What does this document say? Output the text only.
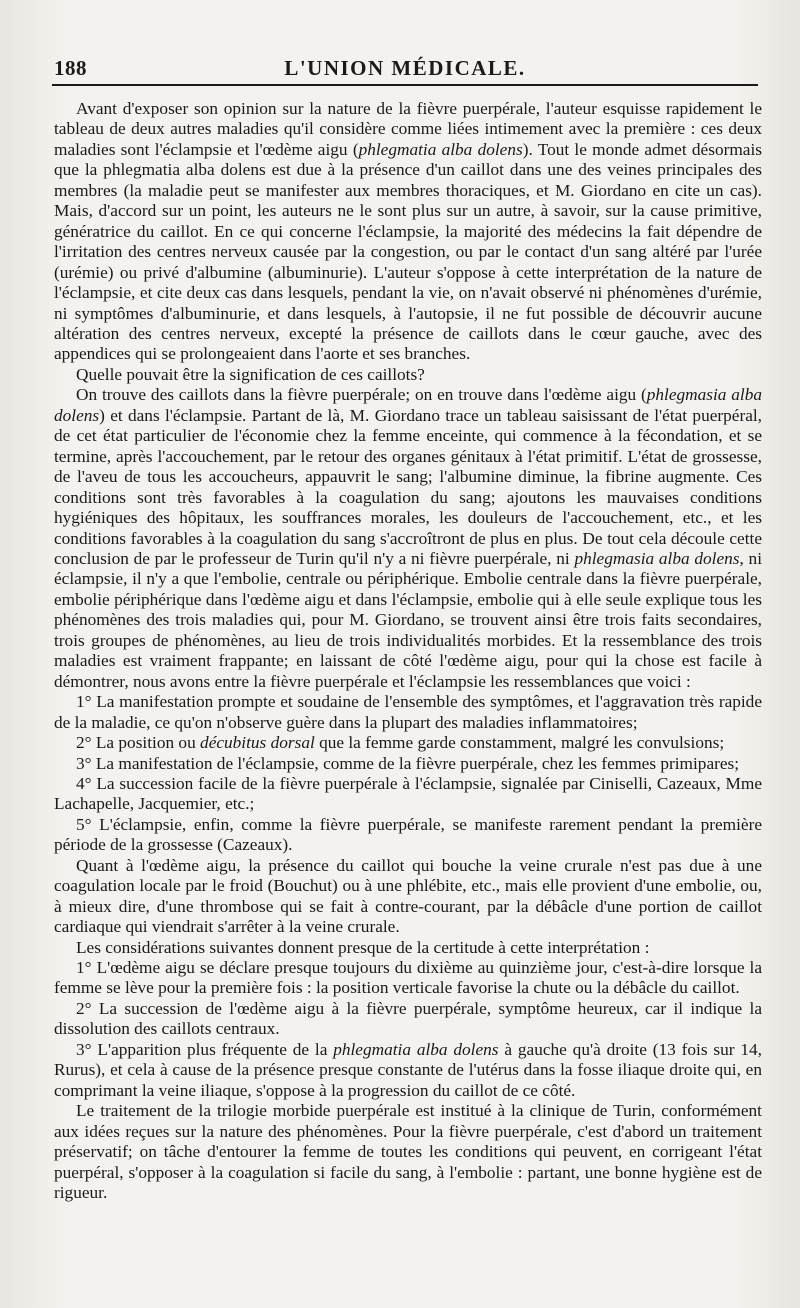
188	L'UNION MÉDICALE.

Avant d'exposer son opinion sur la nature de la fièvre puerpérale, l'auteur esquisse rapidement le tableau de deux autres maladies qu'il considère comme liées intimement avec la première : ces deux maladies sont l'éclampsie et l'œdème aigu (phlegmatia alba dolens). Tout le monde admet désormais que la phlegmatia alba dolens est due à la présence d'un caillot dans une des veines principales des membres (la maladie peut se manifester aux membres thoraciques, et M. Giordano en cite un cas). Mais, d'accord sur un point, les auteurs ne le sont plus sur un autre, à savoir, sur la cause primitive, génératrice du caillot. En ce qui concerne l'éclampsie, la majorité des médecins la fait dépendre de l'irritation des centres nerveux causée par la congestion, ou par le contact d'un sang altéré par l'urée (urémie) ou privé d'albumine (albuminurie). L'auteur s'oppose à cette interprétation de la nature de l'éclampsie, et cite deux cas dans lesquels, pendant la vie, on n'avait observé ni phénomènes d'urémie, ni symptômes d'albuminurie, et dans lesquels, à l'autopsie, il ne fut possible de découvrir aucune altération des centres nerveux, excepté la présence de caillots dans le cœur gauche, avec des appendices qui se prolongeaient dans l'aorte et ses branches.

Quelle pouvait être la signification de ces caillots?

On trouve des caillots dans la fièvre puerpérale; on en trouve dans l'œdème aigu (phlegmasia alba dolens) et dans l'éclampsie. Partant de là, M. Giordano trace un tableau saisissant de l'état puerpéral, de cet état particulier de l'économie chez la femme enceinte, qui commence à la fécondation, et se termine, après l'accouchement, par le retour des organes génitaux à l'état primitif. L'état de grossesse, de l'aveu de tous les accoucheurs, appauvrit le sang; l'albumine diminue, la fibrine augmente. Ces conditions sont très favorables à la coagulation du sang; ajoutons les mauvaises conditions hygiéniques des hôpitaux, les souffrances morales, les douleurs de l'accouchement, etc., et les conditions favorables à la coagulation du sang s'accroîtront de plus en plus. De tout cela découle cette conclusion de par le professeur de Turin qu'il n'y a ni fièvre puerpérale, ni phlegmasia alba dolens, ni éclampsie, il n'y a que l'embolie, centrale ou périphérique. Embolie centrale dans la fièvre puerpérale, embolie périphérique dans l'œdème aigu et dans l'éclampsie, embolie qui à elle seule explique tous les phénomènes des trois maladies qui, pour M. Giordano, se trouvent ainsi être trois faits secondaires, trois groupes de phénomènes, au lieu de trois individualités morbides. Et la ressemblance des trois maladies est vraiment frappante; en laissant de côté l'œdème aigu, pour qui la chose est facile à démontrer, nous avons entre la fièvre puerpérale et l'éclampsie les ressemblances que voici :

1° La manifestation prompte et soudaine de l'ensemble des symptômes, et l'aggravation très rapide de la maladie, ce qu'on n'observe guère dans la plupart des maladies inflammatoires;

2° La position ou décubitus dorsal que la femme garde constamment, malgré les convulsions;

3° La manifestation de l'éclampsie, comme de la fièvre puerpérale, chez les femmes primipares;

4° La succession facile de la fièvre puerpérale à l'éclampsie, signalée par Ciniselli, Cazeaux, Mme Lachapelle, Jacquemier, etc.;

5° L'éclampsie, enfin, comme la fièvre puerpérale, se manifeste rarement pendant la première période de la grossesse (Cazeaux).

Quant à l'œdème aigu, la présence du caillot qui bouche la veine crurale n'est pas due à une coagulation locale par le froid (Bouchut) ou à une phlébite, etc., mais elle provient d'une embolie, ou, à mieux dire, d'une thrombose qui se fait à contre-courant, par la débâcle d'une portion de caillot cardiaque qui viendrait s'arrêter à la veine crurale.

Les considérations suivantes donnent presque de la certitude à cette interprétation :

1° L'œdème aigu se déclare presque toujours du dixième au quinzième jour, c'est-à-dire lorsque la femme se lève pour la première fois : la position verticale favorise la chute ou la débâcle du caillot.

2° La succession de l'œdème aigu à la fièvre puerpérale, symptôme heureux, car il indique la dissolution des caillots centraux.

3° L'apparition plus fréquente de la phlegmatia alba dolens à gauche qu'à droite (13 fois sur 14, Rurus), et cela à cause de la présence presque constante de l'utérus dans la fosse iliaque droite qui, en comprimant la veine iliaque, s'oppose à la progression du caillot de ce côté.

Le traitement de la trilogie morbide puerpérale est institué à la clinique de Turin, conformément aux idées reçues sur la nature des phénomènes. Pour la fièvre puerpérale, c'est d'abord un traitement préservatif; on tâche d'entourer la femme de toutes les conditions qui peuvent, en corrigeant l'état puerpéral, s'opposer à la coagulation si facile du sang, à l'embolie : partant, une bonne hygiène est de rigueur.
